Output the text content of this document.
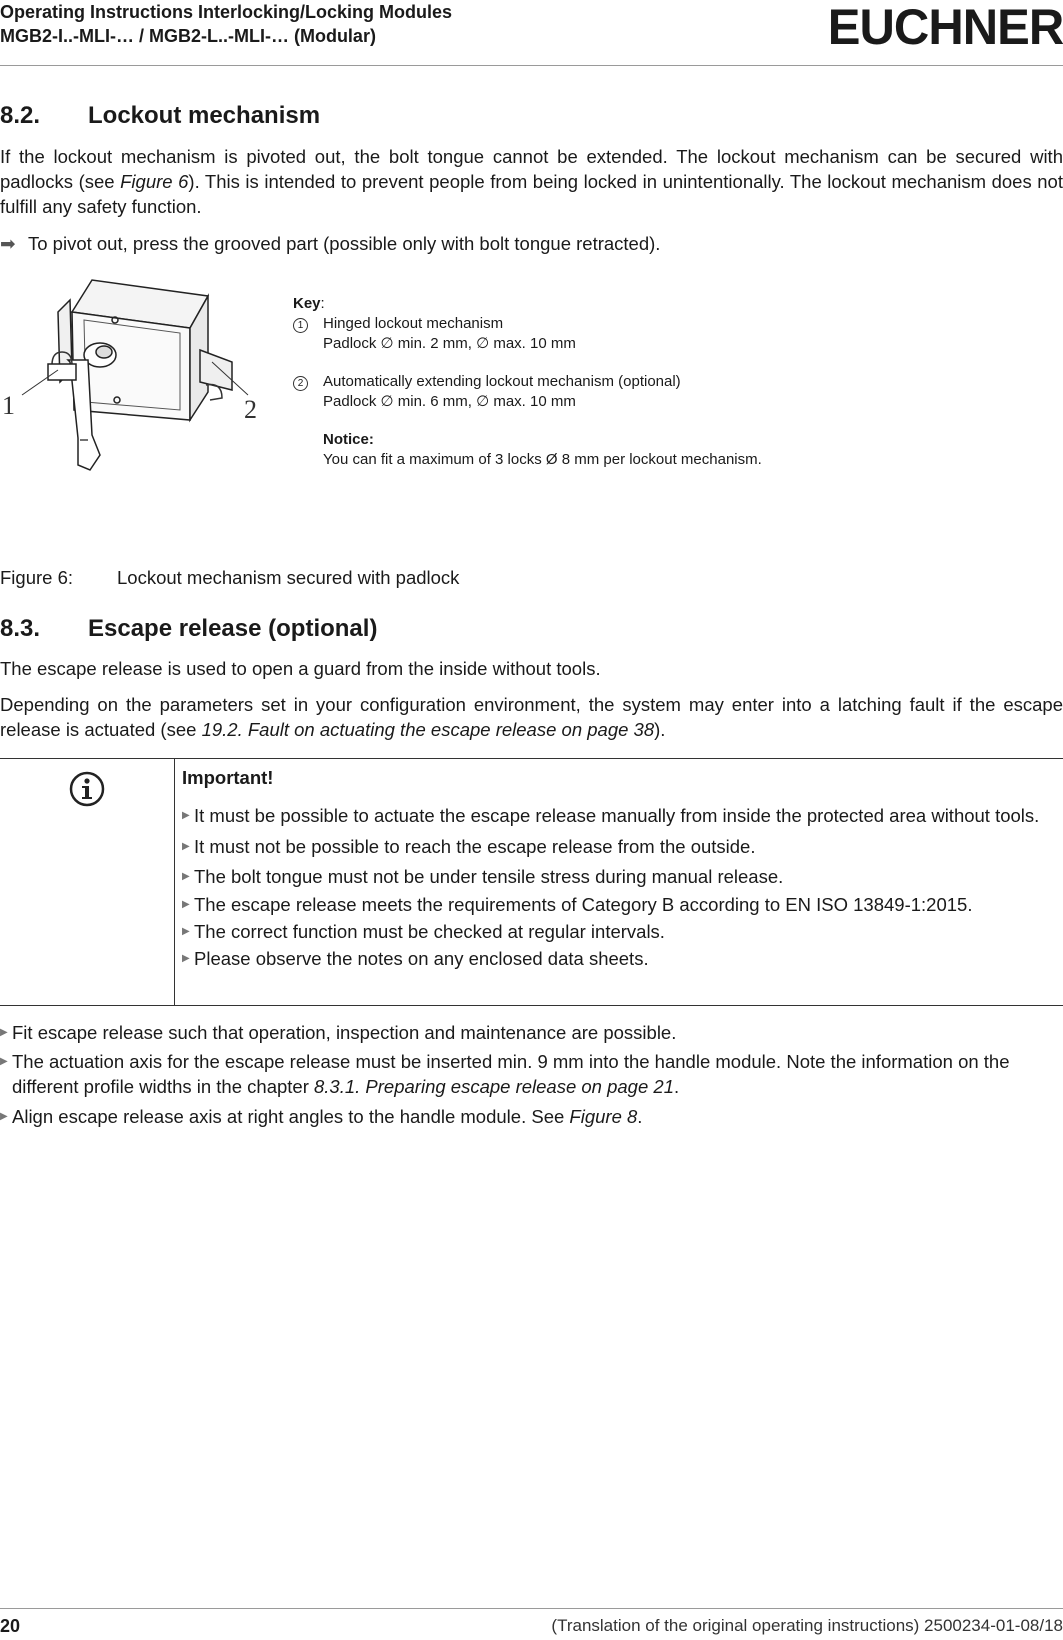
Operating Instructions Interlocking/Locking Modules
MGB2-I..-MLI-… / MGB2-L..-MLI-… (Modular)	EUCHNER
8.2. Lockout mechanism
If the lockout mechanism is pivoted out, the bolt tongue cannot be extended. The lockout mechanism can be secured with padlocks (see Figure 6). This is intended to prevent people from being locked in unintentionally. The lockout mechanism does not fulfill any safety function.
➡ To pivot out, press the grooved part (possible only with bolt tongue retracted).
1	2
Key:
1	Hinged lockout mechanism
Padlock ∅ min. 2 mm, ∅ max. 10 mm
2	Automatically extending lockout mechanism (optional)
Padlock ∅ min. 6 mm, ∅ max. 10 mm
Notice:
You can fit a maximum of 3 locks Ø 8 mm per lockout mechanism.
Figure 6: Lockout mechanism secured with padlock
8.3. Escape release (optional)
The escape release is used to open a guard from the inside without tools.
Depending on the parameters set in your configuration environment, the system may enter into a latching fault if the escape release is actuated (see 19.2. Fault on actuating the escape release on page 38).
Important!
▶ It must be possible to actuate the escape release manually from inside the protected area without tools.
▶ It must not be possible to reach the escape release from the outside.
▶ The bolt tongue must not be under tensile stress during manual release.
▶ The escape release meets the requirements of Category B according to EN ISO 13849-1:2015.
▶ The correct function must be checked at regular intervals.
▶ Please observe the notes on any enclosed data sheets.
▶ Fit escape release such that operation, inspection and maintenance are possible.
▶ The actuation axis for the escape release must be inserted min. 9 mm into the handle module. Note the information on the different profile widths in the chapter 8.3.1. Preparing escape release on page 21.
▶ Align escape release axis at right angles to the handle module. See Figure 8.
20	(Translation of the original operating instructions) 2500234-01-08/18
